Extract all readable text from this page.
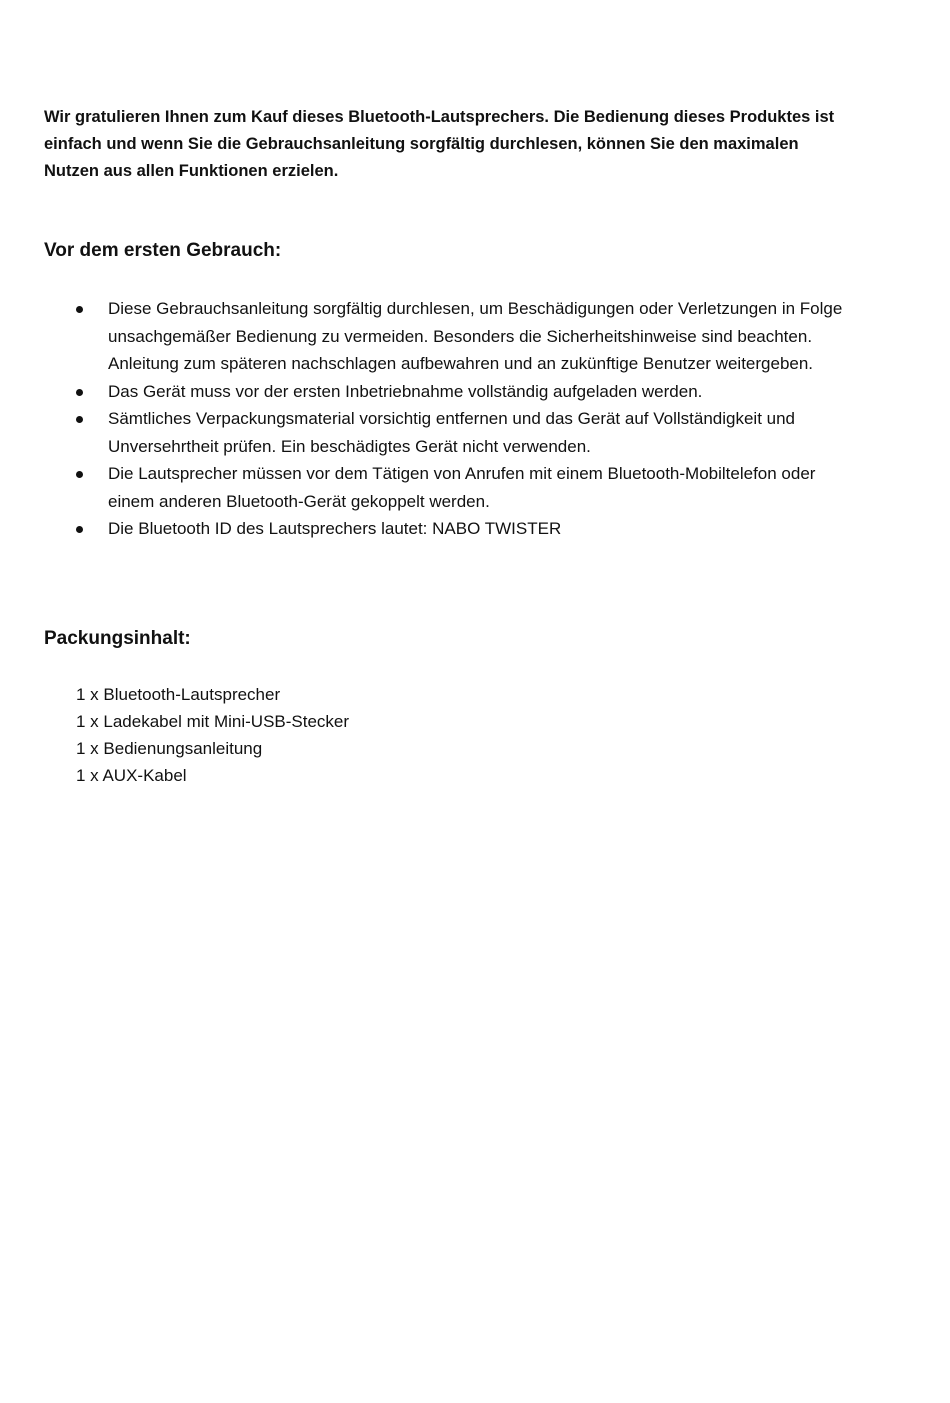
Wir gratulieren Ihnen zum Kauf dieses Bluetooth-Lautsprechers. Die Bedienung dieses Produktes ist einfach und wenn Sie die Gebrauchsanleitung sorgfältig durchlesen, können Sie den maximalen Nutzen aus allen Funktionen erzielen.

Vor dem ersten Gebrauch:
Diese Gebrauchsanleitung sorgfältig durchlesen, um Beschädigungen oder Verletzungen in Folge unsachgemäßer Bedienung zu vermeiden. Besonders die Sicherheitshinweise sind beachten. Anleitung zum späteren nachschlagen aufbewahren und an zukünftige Benutzer weitergeben.
Das Gerät muss vor der ersten Inbetriebnahme vollständig aufgeladen werden.
Sämtliches Verpackungsmaterial vorsichtig entfernen und das Gerät auf Vollständigkeit und Unversehrtheit prüfen. Ein beschädigtes Gerät nicht verwenden.
Die Lautsprecher müssen vor dem Tätigen von Anrufen mit einem Bluetooth-Mobiltelefon oder einem anderen Bluetooth-Gerät gekoppelt werden.
Die Bluetooth ID des Lautsprechers lautet: NABO TWISTER
Packungsinhalt:
1 x Bluetooth-Lautsprecher
1 x Ladekabel mit Mini-USB-Stecker
1 x Bedienungsanleitung
1 x AUX-Kabel
